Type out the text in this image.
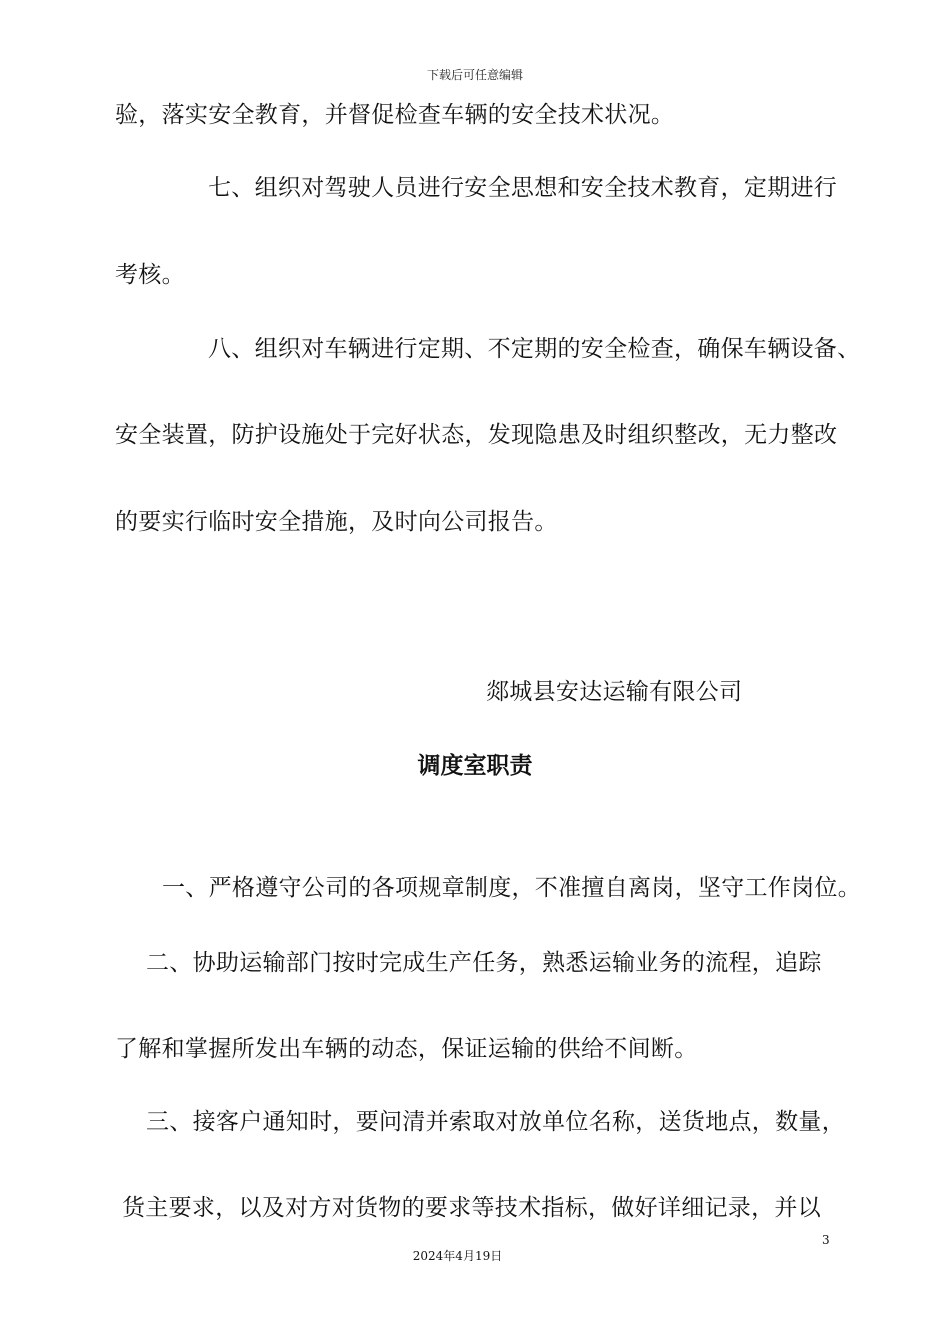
下载后可任意编辑
验，落实安全教育，并督促检查车辆的安全技术状况。
七、组织对驾驶人员进行安全思想和安全技术教育，定期进行
考核。
八、组织对车辆进行定期、不定期的安全检查，确保车辆设备、
安全装置，防护设施处于完好状态，发现隐患及时组织整改，无力整改
的要实行临时安全措施，及时向公司报告。
郯城县安达运输有限公司
调度室职责
一、严格遵守公司的各项规章制度，不准擅自离岗，坚守工作岗位。
二、协助运输部门按时完成生产任务，熟悉运输业务的流程，追踪
了解和掌握所发出车辆的动态，保证运输的供给不间断。
三、接客户通知时，要问清并索取对放单位名称，送货地点，数量，
货主要求，以及对方对货物的要求等技术指标，做好详细记录，并以
3
2024年4月19日
